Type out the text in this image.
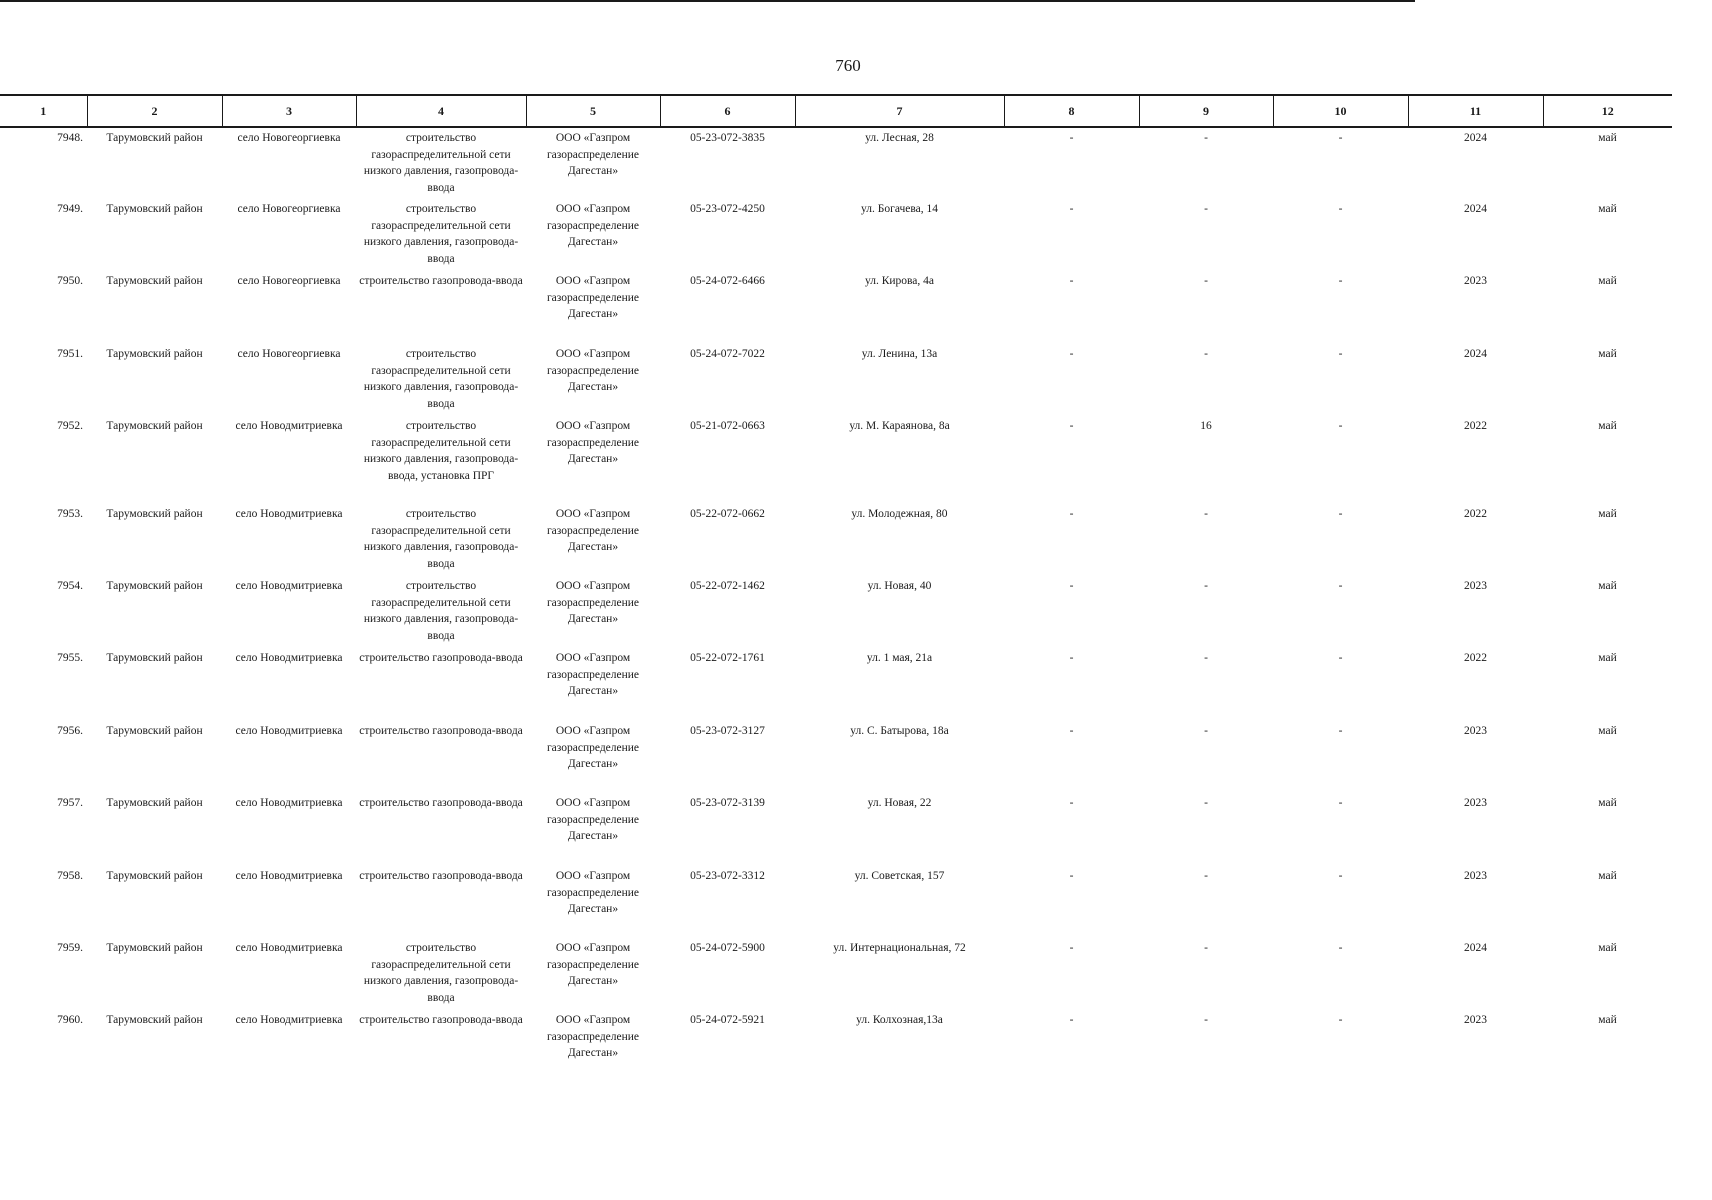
760
1	2	3	4	5	6	7	8	9	10	11	12
7948.	Тарумовский район	село Новогеоргиевка	строительство газораспределительной сети низкого давления, газопровода-ввода	ООО «Газпром газораспределение Дагестан»	05-23-072-3835	ул. Лесная, 28	-	-	-	2024	май
7949.	Тарумовский район	село Новогеоргиевка	строительство газораспределительной сети низкого давления, газопровода-ввода	ООО «Газпром газораспределение Дагестан»	05-23-072-4250	ул. Богачева, 14	-	-	-	2024	май
7950.	Тарумовский район	село Новогеоргиевка	строительство газопровода-ввода	ООО «Газпром газораспределение Дагестан»	05-24-072-6466	ул. Кирова, 4а	-	-	-	2023	май
7951.	Тарумовский район	село Новогеоргиевка	строительство газораспределительной сети низкого давления, газопровода-ввода	ООО «Газпром газораспределение Дагестан»	05-24-072-7022	ул. Ленина, 13а	-	-	-	2024	май
7952.	Тарумовский район	село Новодмитриевка	строительство газораспределительной сети низкого давления, газопровода-ввода, установка ПРГ	ООО «Газпром газораспределение Дагестан»	05-21-072-0663	ул. М. Караянова, 8а	-	16	-	2022	май
7953.	Тарумовский район	село Новодмитриевка	строительство газораспределительной сети низкого давления, газопровода-ввода	ООО «Газпром газораспределение Дагестан»	05-22-072-0662	ул. Молодежная, 80	-	-	-	2022	май
7954.	Тарумовский район	село Новодмитриевка	строительство газораспределительной сети низкого давления, газопровода-ввода	ООО «Газпром газораспределение Дагестан»	05-22-072-1462	ул. Новая, 40	-	-	-	2023	май
7955.	Тарумовский район	село Новодмитриевка	строительство газопровода-ввода	ООО «Газпром газораспределение Дагестан»	05-22-072-1761	ул. 1 мая, 21а	-	-	-	2022	май
7956.	Тарумовский район	село Новодмитриевка	строительство газопровода-ввода	ООО «Газпром газораспределение Дагестан»	05-23-072-3127	ул. С. Батырова, 18а	-	-	-	2023	май
7957.	Тарумовский район	село Новодмитриевка	строительство газопровода-ввода	ООО «Газпром газораспределение Дагестан»	05-23-072-3139	ул. Новая, 22	-	-	-	2023	май
7958.	Тарумовский район	село Новодмитриевка	строительство газопровода-ввода	ООО «Газпром газораспределение Дагестан»	05-23-072-3312	ул. Советская, 157	-	-	-	2023	май
7959.	Тарумовский район	село Новодмитриевка	строительство газораспределительной сети низкого давления, газопровода-ввода	ООО «Газпром газораспределение Дагестан»	05-24-072-5900	ул. Интернациональная, 72	-	-	-	2024	май
7960.	Тарумовский район	село Новодмитриевка	строительство газопровода-ввода	ООО «Газпром газораспределение Дагестан»	05-24-072-5921	ул. Колхозная,13а	-	-	-	2023	май
